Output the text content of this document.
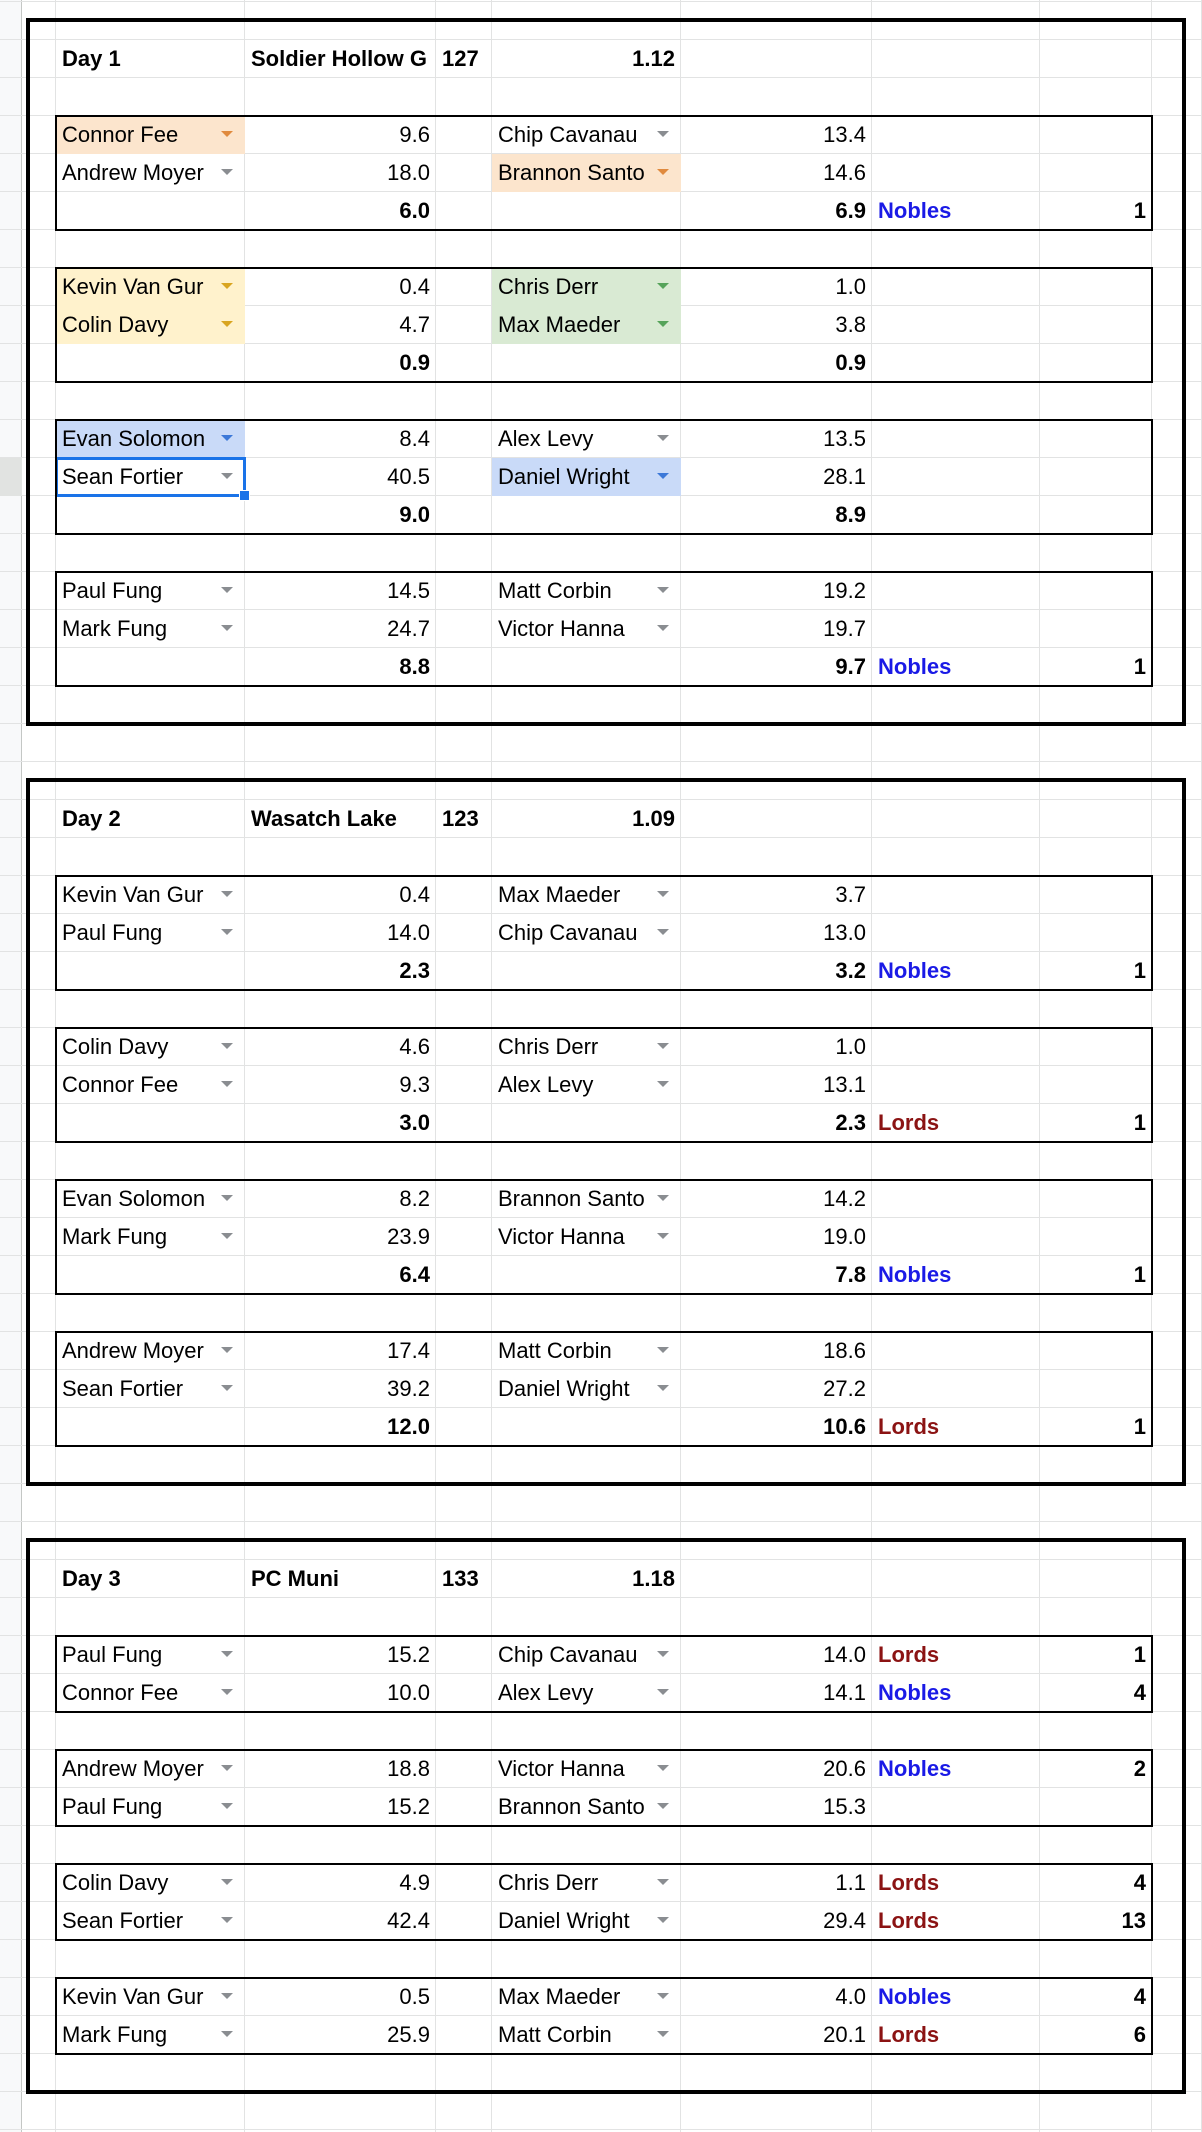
Day 1	Soldier Hollow G 127	1.12
Connor Fee	9.6	Chip Cavanau	13.4
Andrew Moyer	18.0	Brannon Santo	14.6
6.0	6.9 Nobles	1
Kevin Van Gur	0.4	Chris Derr	1.0
Colin Davy	4.7	Max Maeder	3.8
0.9	0.9
Evan Solomon	8.4	Alex Levy	13.5
Sean Fortier	40.5	Daniel Wright	28.1
9.0	8.9
Paul Fung	14.5	Matt Corbin	19.2
Mark Fung	24.7	Victor Hanna	19.7
8.8	9.7 Nobles	1
Day 2	Wasatch Lake	123	1.09
Kevin Van Gur	0.4	Max Maeder	3.7
Paul Fung	14.0	Chip Cavanau	13.0
2.3	3.2 Nobles	1
Colin Davy	4.6	Chris Derr	1.0
Connor Fee	9.3	Alex Levy	13.1
3.0	2.3 Lords	1
Evan Solomon	8.2	Brannon Santo	14.2
Mark Fung	23.9	Victor Hanna	19.0
6.4	7.8 Nobles	1
Andrew Moyer	17.4	Matt Corbin	18.6
Sean Fortier	39.2	Daniel Wright	27.2
12.0	10.6 Lords	1
Day 3	PC Muni	133	1.18
Paul Fung	15.2	Chip Cavanau	14.0 Lords	1
Connor Fee	10.0	Alex Levy	14.1 Nobles	4
Andrew Moyer	18.8	Victor Hanna	20.6 Nobles	2
Paul Fung	15.2	Brannon Santo	15.3
Colin Davy	4.9	Chris Derr	1.1 Lords	4
Sean Fortier	42.4	Daniel Wright	29.4 Lords	13
Kevin Van Gur	0.5	Max Maeder	4.0 Nobles	4
Mark Fung	25.9	Matt Corbin	20.1 Lords	6
